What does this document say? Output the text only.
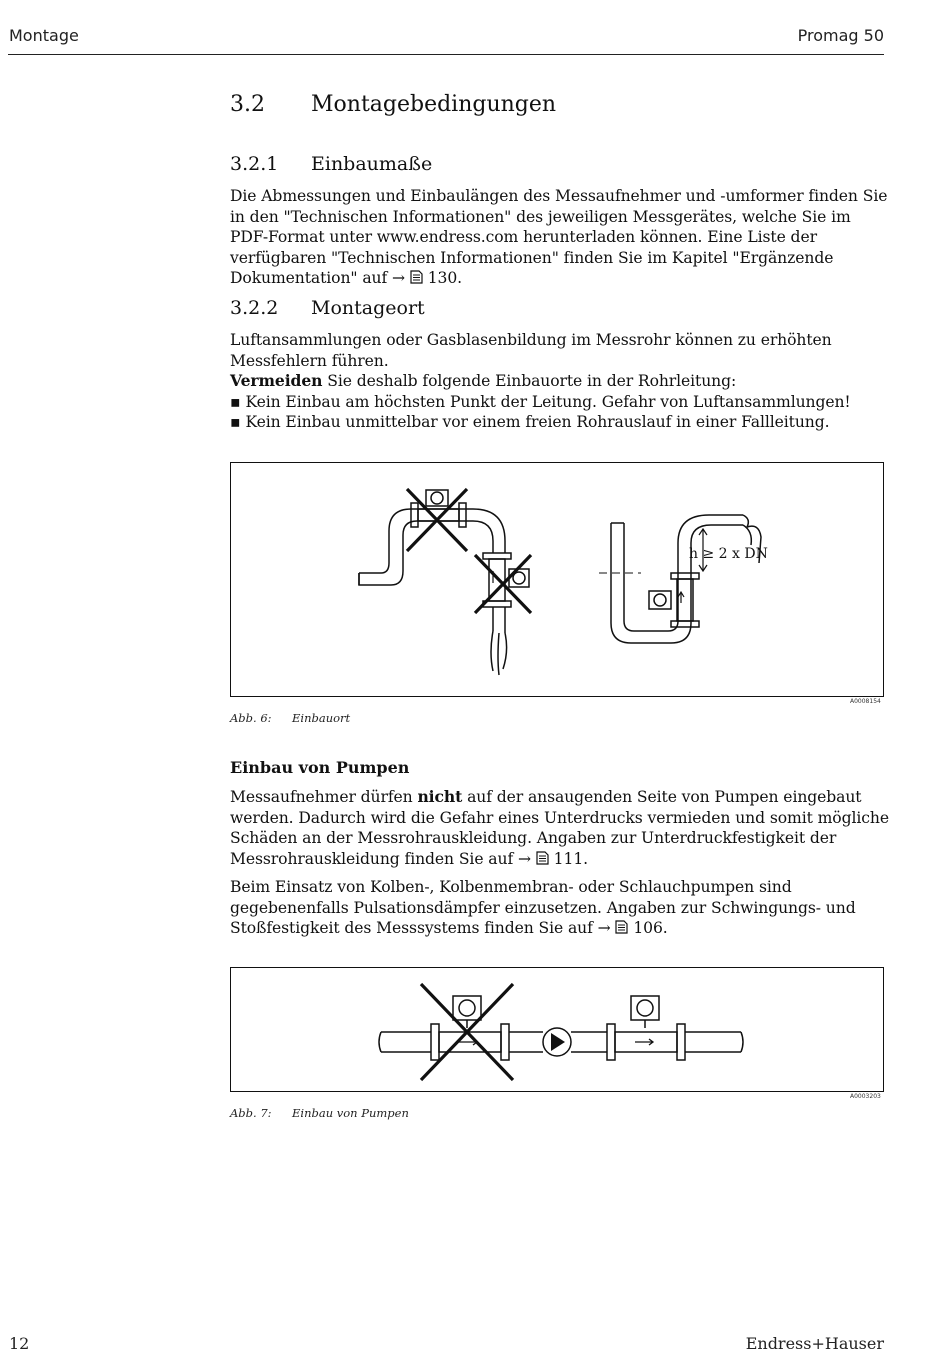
Montage	Promag 50
3.2 Montagebedingungen
3.2.1 Einbaumaße

Die Abmessungen und Einbaulängen des Messaufnehmer und -umformer finden Sie in den "Technischen Informationen" des jeweiligen Messgerätes, welche Sie im PDF-Format unter www.endress.com herunterladen können. Eine Liste der verfügbaren "Technischen Informationen" finden Sie im Kapitel "Ergänzende Dokumentation" auf → 130.

3.2.2 Montageort

Luftansammlungen oder Gasblasenbildung im Messrohr können zu erhöhten Messfehlern führen.

Vermeiden Sie deshalb folgende Einbauorte in der Rohrleitung:

▪ Kein Einbau am höchsten Punkt der Leitung. Gefahr von Luftansammlungen!

▪ Kein Einbau unmittelbar vor einem freien Rohrauslauf in einer Fallleitung.

h ≥ 2 x DN
A0008154
Abb. 6: Einbauort
Einbau von Pumpen

Messaufnehmer dürfen nicht auf der ansaugenden Seite von Pumpen eingebaut werden. Dadurch wird die Gefahr eines Unterdrucks vermieden und somit mögliche Schäden an der Messrohrauskleidung. Angaben zur Unterdruckfestigkeit der Messrohrauskleidung finden Sie auf → 111.

Beim Einsatz von Kolben-, Kolbenmembran- oder Schlauchpumpen sind gegebenenfalls Pulsationsdämpfer einzusetzen. Angaben zur Schwingungs- und Stoßfestigkeit des Messsystems finden Sie auf → 106.

A0003203
Abb. 7: Einbau von Pumpen
12	Endress+Hauser
